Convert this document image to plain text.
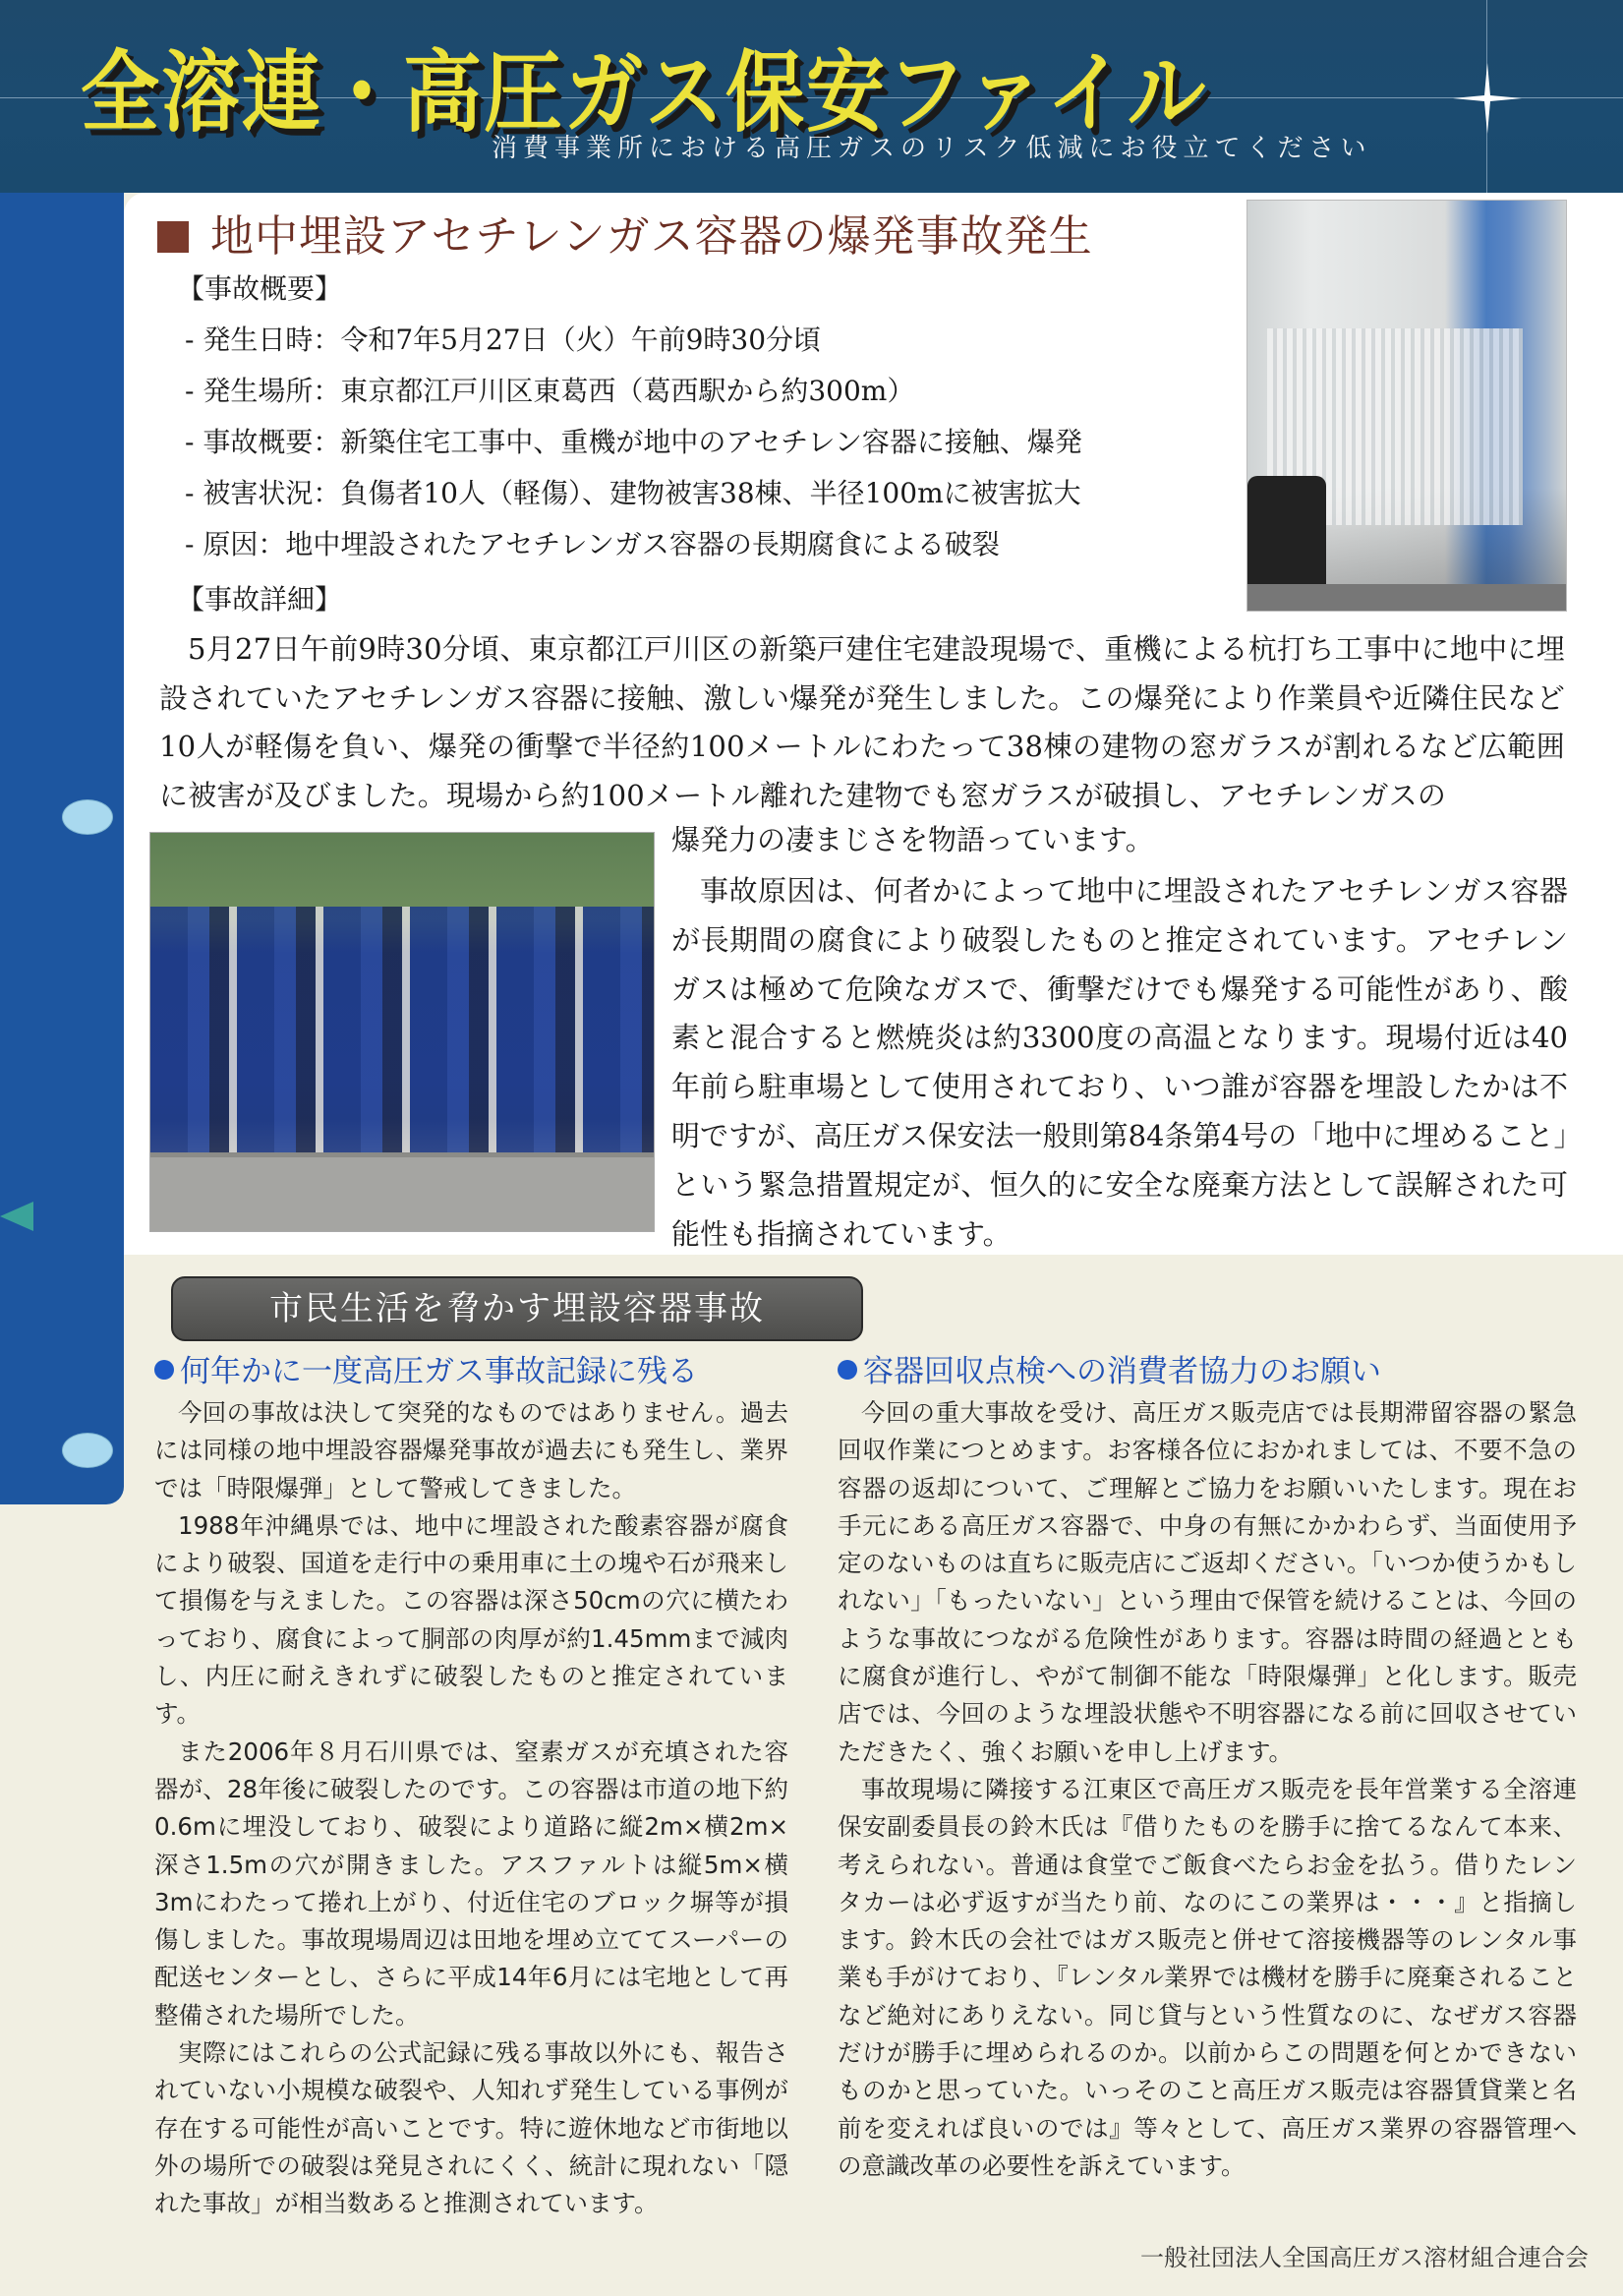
全溶連・高圧ガス保安ファイル
消費事業所における高圧ガスのリスク低減にお役立てください
地中埋設アセチレンガス容器の爆発事故発生
【事故概要】
- 発生日時：令和7年5月27日（火）午前9時30分頃
- 発生場所：東京都江戸川区東葛西（葛西駅から約300m）
- 事故概要：新築住宅工事中、重機が地中のアセチレン容器に接触、爆発
- 被害状況：負傷者10人（軽傷）、建物被害38棟、半径100mに被害拡大
- 原因：地中埋設されたアセチレンガス容器の長期腐食による破裂
【事故詳細】
5月27日午前9時30分頃、東京都江戸川区の新築戸建住宅建設現場で、重機による杭打ち工事中に地中に埋設されていたアセチレンガス容器に接触、激しい爆発が発生しました。この爆発により作業員や近隣住民など10人が軽傷を負い、爆発の衝撃で半径約100メートルにわたって38棟の建物の窓ガラスが割れるなど広範囲に被害が及びました。現場から約100メートル離れた建物でも窓ガラスが破損し、アセチレンガスの
爆発力の凄まじさを物語っています。
事故原因は、何者かによって地中に埋設されたアセチレンガス容器が長期間の腐食により破裂したものと推定されています。アセチレンガスは極めて危険なガスで、衝撃だけでも爆発する可能性があり、酸素と混合すると燃焼炎は約3300度の高温となります。現場付近は40年前ら駐車場として使用されており、いつ誰が容器を埋設したかは不明ですが、高圧ガス保安法一般則第84条第4号の「地中に埋めること」という緊急措置規定が、恒久的に安全な廃棄方法として誤解された可能性も指摘されています。
市民生活を脅かす埋設容器事故
何年かに一度高圧ガス事故記録に残る

今回の事故は決して突発的なものではありません。過去には同様の地中埋設容器爆発事故が過去にも発生し、業界では「時限爆弾」として警戒してきました。

1988年沖縄県では、地中に埋設された酸素容器が腐食により破裂、国道を走行中の乗用車に土の塊や石が飛来して損傷を与えました。この容器は深さ50cmの穴に横たわっており、腐食によって胴部の肉厚が約1.45mmまで減肉し、内圧に耐えきれずに破裂したものと推定されています。

また2006年８月石川県では、窒素ガスが充填された容器が、28年後に破裂したのです。この容器は市道の地下約0.6mに埋没しており、破裂により道路に縦2m×横2m×深さ1.5mの穴が開きました。アスファルトは縦5m×横3mにわたって捲れ上がり、付近住宅のブロック塀等が損傷しました。事故現場周辺は田地を埋め立ててスーパーの配送センターとし、さらに平成14年6月には宅地として再整備された場所でした。

実際にはこれらの公式記録に残る事故以外にも、報告されていない小規模な破裂や、人知れず発生している事例が存在する可能性が高いことです。特に遊休地など市街地以外の場所での破裂は発見されにくく、統計に現れない「隠れた事故」が相当数あると推測されています。

容器回収点検への消費者協力のお願い

今回の重大事故を受け、高圧ガス販売店では長期滞留容器の緊急回収作業につとめます。お客様各位におかれましては、不要不急の容器の返却について、ご理解とご協力をお願いいたします。現在お手元にある高圧ガス容器で、中身の有無にかかわらず、当面使用予定のないものは直ちに販売店にご返却ください。「いつか使うかもしれない」「もったいない」という理由で保管を続けることは、今回のような事故につながる危険性があります。容器は時間の経過とともに腐食が進行し、やがて制御不能な「時限爆弾」と化します。販売店では、今回のような埋設状態や不明容器になる前に回収させていただきたく、強くお願いを申し上げます。

事故現場に隣接する江東区で高圧ガス販売を長年営業する全溶連保安副委員長の鈴木氏は『借りたものを勝手に捨てるなんて本来、考えられない。普通は食堂でご飯食べたらお金を払う。借りたレンタカーは必ず返すが当たり前、なのにこの業界は・・・』と指摘します。鈴木氏の会社ではガス販売と併せて溶接機器等のレンタル事業も手がけており、『レンタル業界では機材を勝手に廃棄されることなど絶対にありえない。同じ貸与という性質なのに、なぜガス容器だけが勝手に埋められるのか。以前からこの問題を何とかできないものかと思っていた。いっそのこと高圧ガス販売は容器賃貸業と名前を変えれば良いのでは』等々として、高圧ガス業界の容器管理への意識改革の必要性を訴えています。

一般社団法人全国高圧ガス溶材組合連合会
